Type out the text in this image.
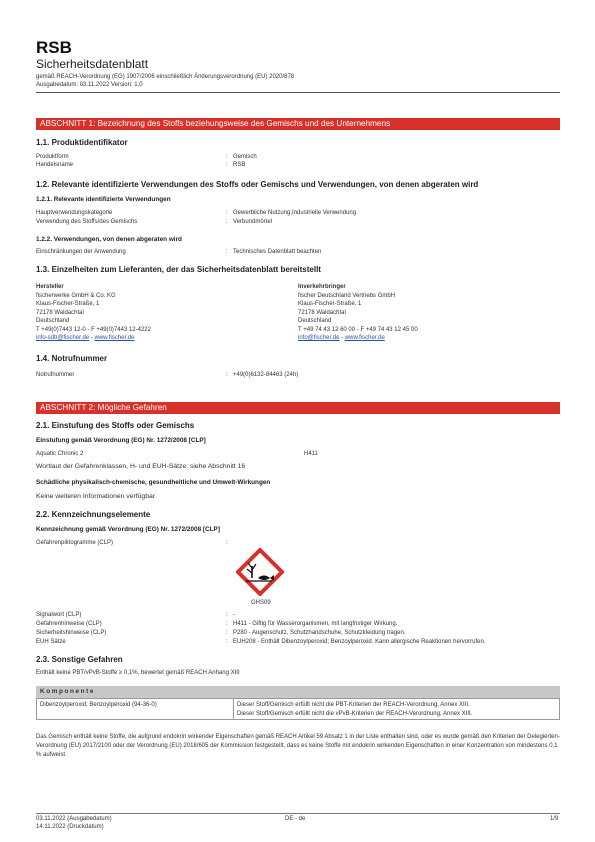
RSB
Sicherheitsdatenblatt
gemäß REACH-Verordnung (EG) 1907/2006 einschließlich Änderungsverordnung (EU) 2020/878
Ausgabedatum: 03.11.2022 Version: 1.0
ABSCHNITT 1: Bezeichnung des Stoffs beziehungsweise des Gemischs und des Unternehmens
1.1. Produktidentifikator
Produktform	: Gemisch
Handelsname	: RSB
1.2. Relevante identifizierte Verwendungen des Stoffs oder Gemischs und Verwendungen, von denen abgeraten wird
1.2.1. Relevante identifizierte Verwendungen
Hauptverwendungskategorie	: Gewerbliche Nutzung,Industrielle Verwendung
Verwendung des Stoffs/des Gemischs	: Verbundmörtel
1.2.2. Verwendungen, von denen abgeraten wird
Einschränkungen der Anwendung	: Technisches Datenblatt beachten
1.3. Einzelheiten zum Lieferanten, der das Sicherheitsdatenblatt bereitstellt
Hersteller
fischerwerke GmbH & Co. KG
Klaus-Fischer-Straße, 1
72178 Waldachtal
Deutschland
T +49(0)7443 12-0 - F +49(0)7443 12-4222
info-sdb@fischer.de - www.fischer.de
Inverkehrbringer
fischer Deutschland Vertriebs GmbH
Klaus-Fischer-Straße, 1
72178 Waldachtal
Deutschland
T +49 74 43 12 60 00 - F +49 74 43 12 45 00
info@fischer.de - www.fischer.de
1.4. Notrufnummer
Notrufnummer	: +49(0)6132-84463 (24h)
ABSCHNITT 2: Mögliche Gefahren
2.1. Einstufung des Stoffs oder Gemischs
Einstufung gemäß Verordnung (EG) Nr. 1272/2008 [CLP]
Aquatic Chronic 2	H411
Wortlaut der Gefahrenklassen, H- und EUH-Sätze: siehe Abschnitt 16
Schädliche physikalisch-chemische, gesundheitliche und Umwelt-Wirkungen
Keine weiteren Informationen verfügbar
2.2. Kennzeichnungselemente
Kennzeichnung gemäß Verordnung (EG) Nr. 1272/2008 [CLP]
Gefahrenpiktogramme (CLP)	:
GHS09
Signalwort (CLP)	: -
Gefahrenhinweise (CLP)	: H411 - Giftig für Wasserorganismen, mit langfristiger Wirkung.
Sicherheitshinweise (CLP)	: P280 - Augenschutz, Schutzhandschuhe, Schutzkleidung tragen.
EUH Sätze	: EUH208 - Enthält Dibenzoylperoxid; Benzoylperoxid. Kann allergische Reaktionen hervorrufen.
2.3. Sonstige Gefahren
Enthält keine PBT/vPvB-Stoffe ≥ 0,1%, bewertet gemäß REACH Anhang XIII
Komponente
Dibenzoylperoxid; Benzoylperoxid (94-36-0)	Dieser Stoff/Gemisch erfüllt nicht die PBT-Kriterien der REACH-Verordnung, Annex XIII.
Dieser Stoff/Gemisch erfüllt nicht die vPvB-Kriterien der REACH-Verordnung, Annex XIII.
Das Gemisch enthält keine Stoffe, die aufgrund endokrin wirkender Eigenschaften gemäß REACH Artikel 59 Absatz 1 in der Liste enthalten sind, oder es wurde gemäß den Kriterien der Delegierten-Verordnung (EU) 2017/2100 oder der Verordnung (EU) 2018/605 der Kommission festgestellt, dass es keine Stoffe mit endokrin wirkenden Eigenschaften in einer Konzentration von mindestens 0,1 % aufweist.
03.11.2022 (Ausgabedatum)
14.11.2022 (Druckdatum)
DE - de	1/9
